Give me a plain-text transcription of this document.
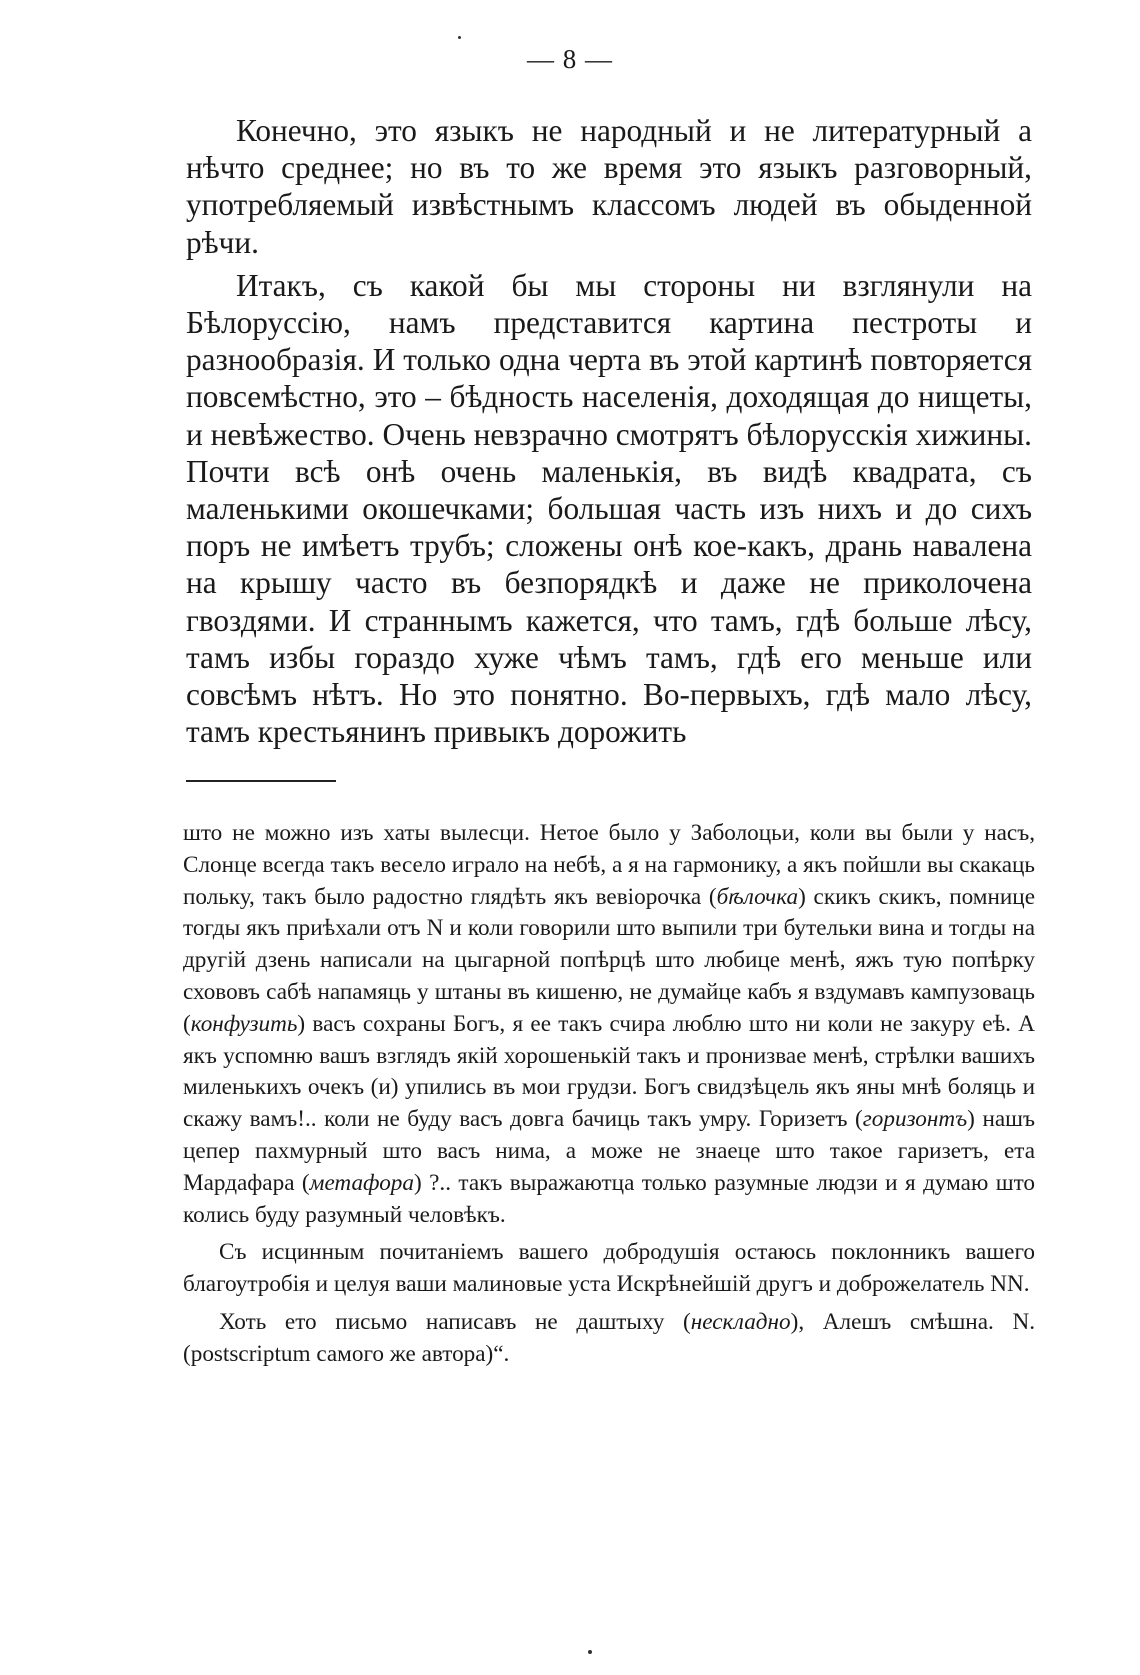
— 8 —

Конечно, это языкъ не народный и не литературный а нѣчто среднее; но въ то же время это языкъ разговорный, употребляемый извѣстнымъ классомъ людей въ обыденной рѣчи.

Итакъ, съ какой бы мы стороны ни взглянули на Бѣлоруссію, намъ представится картина пестроты и разнообразія. И только одна черта въ этой картинѣ повторяется повсемѣстно, это – бѣдность населенія, доходящая до нищеты, и невѣжество. Очень невзрачно смотрятъ бѣлорусскія хижины. Почти всѣ онѣ очень маленькія, въ видѣ квадрата, съ маленькими окошечками; большая часть изъ нихъ и до сихъ поръ не имѣетъ трубъ; сложены онѣ кое-какъ, дрань навалена на крышу часто въ безпорядкѣ и даже не приколочена гвоздями. И страннымъ кажется, что тамъ, гдѣ больше лѣсу, тамъ избы гораздо хуже чѣмъ тамъ, гдѣ его меньше или совсѣмъ нѣтъ. Но это понятно. Во-первыхъ, гдѣ мало лѣсу, тамъ крестьянинъ привыкъ дорожить

што не можно изъ хаты вылесци. Нетое было у Заболоцьи, коли вы были у насъ, Слонце всегда такъ весело играло на небѣ, а я на гармонику, а якъ пойшли вы скакаць польку, такъ было радостно глядѣть якъ вевіорочка (бѣлочка) скикъ скикъ, помнице тогды якъ приѣхали отъ N и коли говорили што выпили три бутельки вина и тогды на другій дзень написали на цыгарной попѣрцѣ што любице менѣ, яжъ тую попѣрку схововъ сабѣ напамяць у штаны въ кишеню, не думайце кабъ я вздумавъ кампузоваць (конфузить) васъ сохраны Богъ, я ее такъ счира люблю што ни коли не закуру еѣ. А якъ успомню вашъ взглядъ якій хорошенькій такъ и пронизвае менѣ, стрѣлки вашихъ миленькихъ очекъ (и) упились въ мои грудзи. Богъ свидзѣцель якъ яны мнѣ боляць и скажу вамъ!.. коли не буду васъ довга бачиць такъ умру. Горизетъ (горизонтъ) нашъ цепер пахмурный што васъ нима, а може не знаеце што такое гаризетъ, ета Мардафара (метафора) ?.. такъ выражаютца только разумные людзи и я думаю што колись буду разумный человѣкъ.

Съ исцинным почитаніемъ вашего добродушія остаюсь поклонникъ вашего благоутробія и целуя ваши малиновые уста Искрѣнейшій другъ и доброжелатель NN.

Хоть ето письмо написавъ не даштыху (нескладно), Алешъ смѣшна. N. (postscriptum самого же автора)“.
